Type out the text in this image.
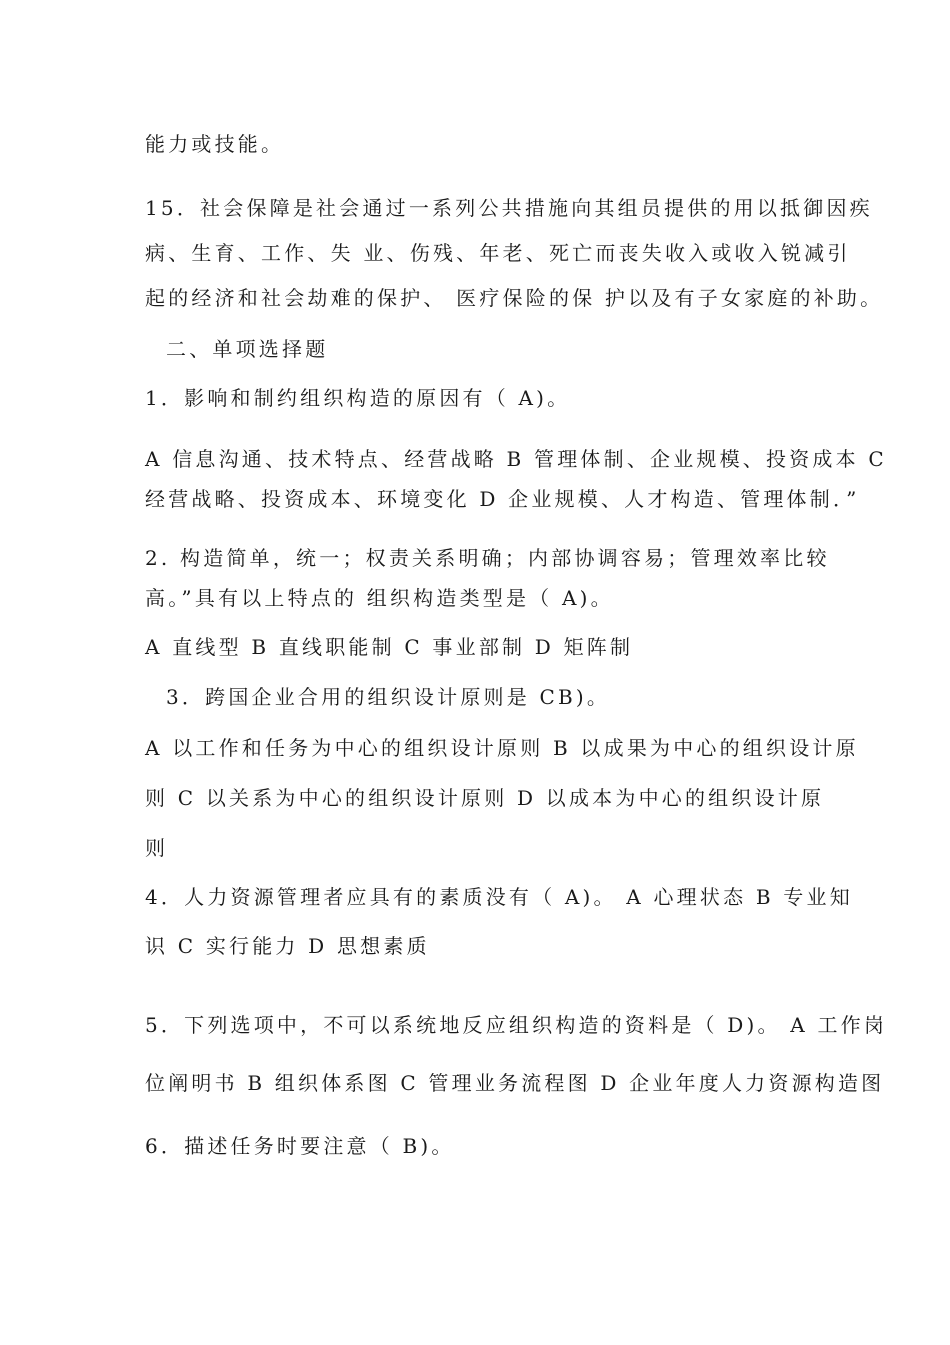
能力或技能。
15．社会保障是社会通过一系列公共措施向其组员提供的用以抵御因疾
病、生育、工作、失 业、伤残、年老、死亡而丧失收入或收入锐减引
起的经济和社会劫难的保护、 医疗保险的保 护以及有子女家庭的补助。
二、单项选择题
1．影响和制约组织构造的原因有（ A)。
A 信息沟通、技术特点、经营战略 B 管理体制、企业规模、投资成本 C
经营战略、投资成本、环境变化 D 企业规模、人才构造、管理体制．”
2. 构造简单，统一；权责关系明确；内部协调容易；管理效率比较
高。”具有以上特点的 组织构造类型是（ A)。
A 直线型 B 直线职能制 C 事业部制 D 矩阵制
3．跨国企业合用的组织设计原则是 CB)。
A 以工作和任务为中心的组织设计原则 B 以成果为中心的组织设计原
则 C 以关系为中心的组织设计原则 D 以成本为中心的组织设计原
则
4．人力资源管理者应具有的素质没有（ A)。 A 心理状态 B 专业知
识 C 实行能力 D 思想素质
5．下列选项中，不可以系统地反应组织构造的资料是（ D)。 A 工作岗
位阐明书 B 组织体系图 C 管理业务流程图 D 企业年度人力资源构造图
6．描述任务时要注意（ B)。
